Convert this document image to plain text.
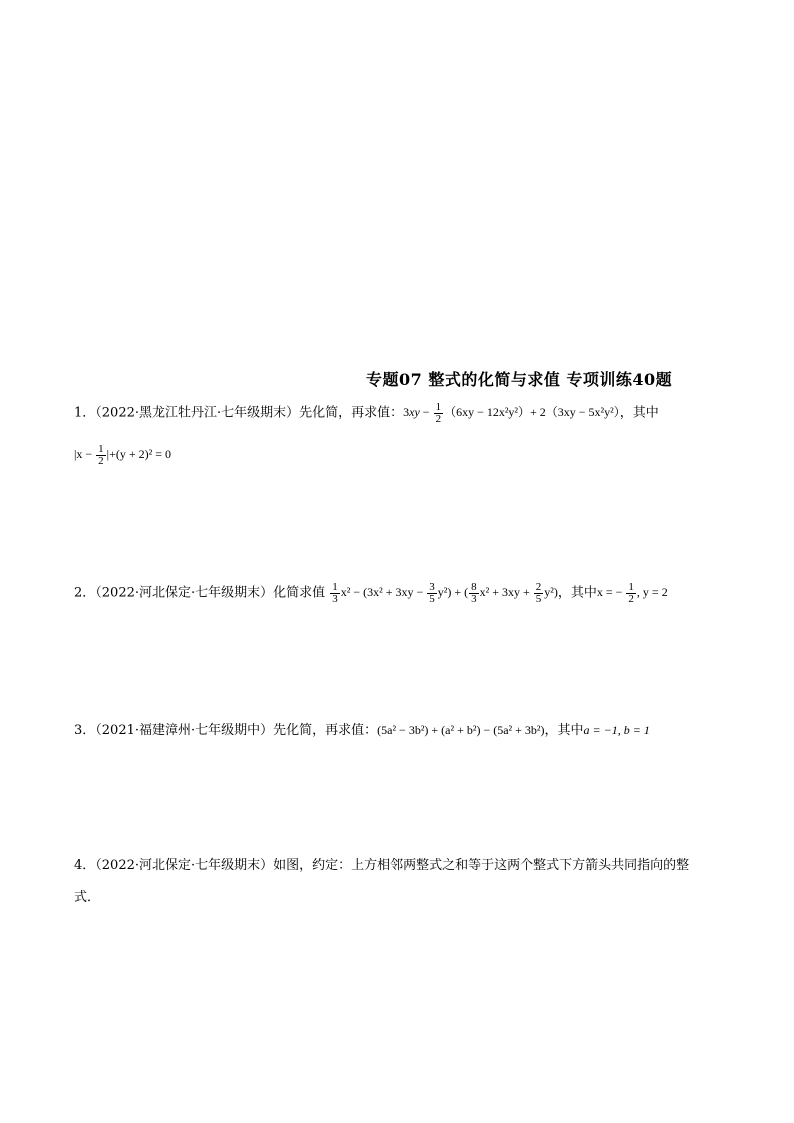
专题07 整式的化简与求值 专项训练40题
1．（2022·黑龙江牡丹江·七年级期末）先化简，再求值：$3xy - \frac{1}{2} (6xy - 12x^2y^2)+ 2(3xy - 5x^2y^2)$，其中
$|x - \frac{1}{2} |+(y + 2)^2 = 0$
2．（2022·河北保定·七年级期末）化简求值 $\frac{1}{3} x^2 - (3x^2 + 3xy - \frac{3}{5} y^2)$ + ( $\frac{8}{3} x^2 + 3xy + \frac{2}{5} y^2$)，其中x = − $\frac{1}{2}$ , y = 2
3．（2021·福建漳州·七年级期中）先化简，再求值：(5a² − 3b²) + (a² + b²) − (5a² + 3b²)，其中a = −1, b = 1
4．（2022·河北保定·七年级期末）如图，约定：上方相邻两整式之和等于这两个整式下方箭头共同指向的整
式．
